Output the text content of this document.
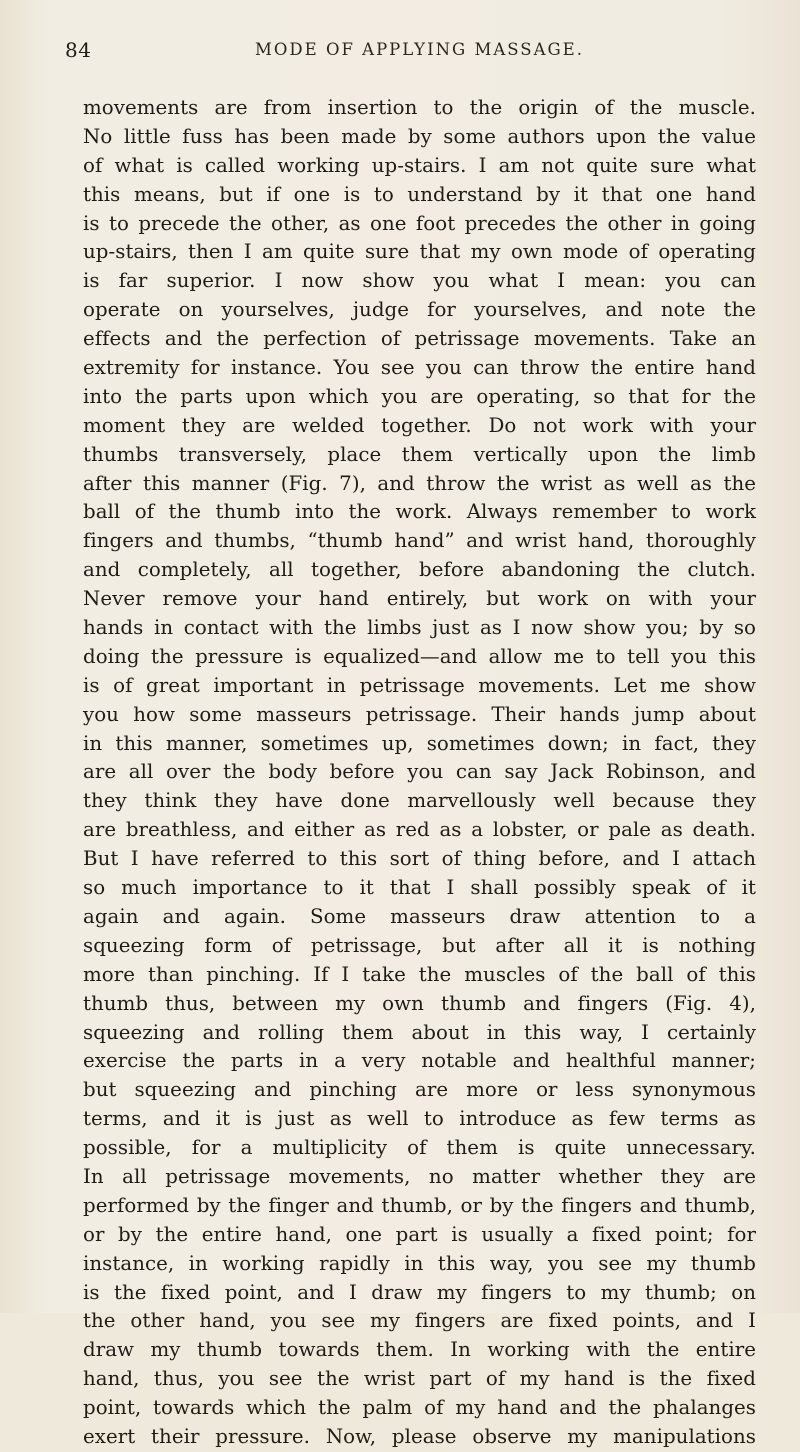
84	MODE OF APPLYING MASSAGE.
movements are from insertion to the origin of the muscle.
No little fuss has been made by some authors upon the value
of what is called working up-stairs. I am not quite sure what
this means, but if one is to understand by it that one hand
is to precede the other, as one foot precedes the other in going
up-stairs, then I am quite sure that my own mode of operating
is far superior. I now show you what I mean: you can
operate on yourselves, judge for yourselves, and note the
effects and the perfection of petrissage movements. Take an
extremity for instance. You see you can throw the entire hand
into the parts upon which you are operating, so that for the
moment they are welded together. Do not work with your
thumbs transversely, place them vertically upon the limb
after this manner (Fig. 7), and throw the wrist as well as the
ball of the thumb into the work. Always remember to work
fingers and thumbs, “thumb hand” and wrist hand, thoroughly
and completely, all together, before abandoning the clutch.
Never remove your hand entirely, but work on with your
hands in contact with the limbs just as I now show you; by so
doing the pressure is equalized—and allow me to tell you this
is of great important in petrissage movements. Let me show
you how some masseurs petrissage. Their hands jump about
in this manner, sometimes up, sometimes down; in fact, they
are all over the body before you can say Jack Robinson, and
they think they have done marvellously well because they
are breathless, and either as red as a lobster, or pale as death.
But I have referred to this sort of thing before, and I attach
so much importance to it that I shall possibly speak of it
again and again. Some masseurs draw attention to a
squeezing form of petrissage, but after all it is nothing
more than pinching. If I take the muscles of the ball of this
thumb thus, between my own thumb and fingers (Fig. 4),
squeezing and rolling them about in this way, I certainly
exercise the parts in a very notable and healthful manner;
but squeezing and pinching are more or less synonymous
terms, and it is just as well to introduce as few terms as
possible, for a multiplicity of them is quite unnecessary.
In all petrissage movements, no matter whether they are
performed by the finger and thumb, or by the fingers and thumb,
or by the entire hand, one part is usually a fixed point; for
instance, in working rapidly in this way, you see my thumb
is the fixed point, and I draw my fingers to my thumb; on
the other hand, you see my fingers are fixed points, and I
draw my thumb towards them. In working with the entire
hand, thus, you see the wrist part of my hand is the fixed
point, towards which the palm of my hand and the phalanges
exert their pressure. Now, please observe my manipulations
